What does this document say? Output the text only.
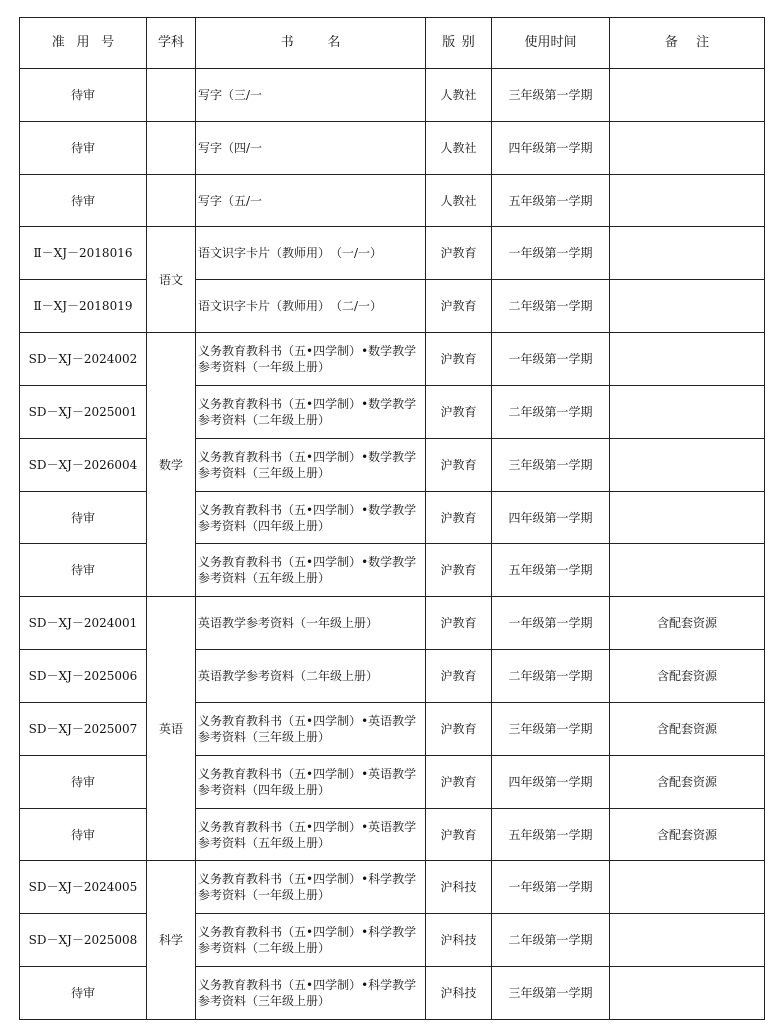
准用号	学科	书名	版别	使用时间	备注
待审		写字（三/一	人教社	三年级第一学期	
待审		写字（四/一	人教社	四年级第一学期	
待审		写字（五/一	人教社	五年级第一学期	
Ⅱ－XJ－2018016	语文	语文识字卡片（教师用）　（一/一）	沪教育	一年级第一学期	
Ⅱ－XJ－2018019		语文识字卡片（教师用）　（二/一）	沪教育	二年级第一学期	
SD－XJ－2024002	数学	义务教育教科书（五•四学制）•数学教学参考资料（一年级上册）	沪教育	一年级第一学期	
SD－XJ－2025001		义务教育教科书（五•四学制）•数学教学参考资料（二年级上册）	沪教育	二年级第一学期	
SD－XJ－2026004		义务教育教科书（五•四学制）•数学教学参考资料（三年级上册）	沪教育	三年级第一学期	
待审		义务教育教科书（五•四学制）•数学教学参考资料（四年级上册）	沪教育	四年级第一学期	
待审		义务教育教科书（五•四学制）•数学教学参考资料（五年级上册）	沪教育	五年级第一学期	
SD－XJ－2024001	英语	英语教学参考资料（一年级上册）	沪教育	一年级第一学期	含配套资源
SD－XJ－2025006		英语教学参考资料（二年级上册）	沪教育	二年级第一学期	含配套资源
SD－XJ－2025007		义务教育教科书（五•四学制）•英语教学参考资料（三年级上册）	沪教育	三年级第一学期	含配套资源
待审		义务教育教科书（五•四学制）•英语教学参考资料（四年级上册）	沪教育	四年级第一学期	含配套资源
待审		义务教育教科书（五•四学制）•英语教学参考资料（五年级上册）	沪教育	五年级第一学期	含配套资源
SD－XJ－2024005	科学	义务教育教科书（五•四学制）•科学教学参考资料（一年级上册）	沪科技	一年级第一学期	
SD－XJ－2025008		义务教育教科书（五•四学制）•科学教学参考资料（二年级上册）	沪科技	二年级第一学期	
待审		义务教育教科书（五•四学制）•科学教学参考资料（三年级上册）	沪科技	三年级第一学期	
